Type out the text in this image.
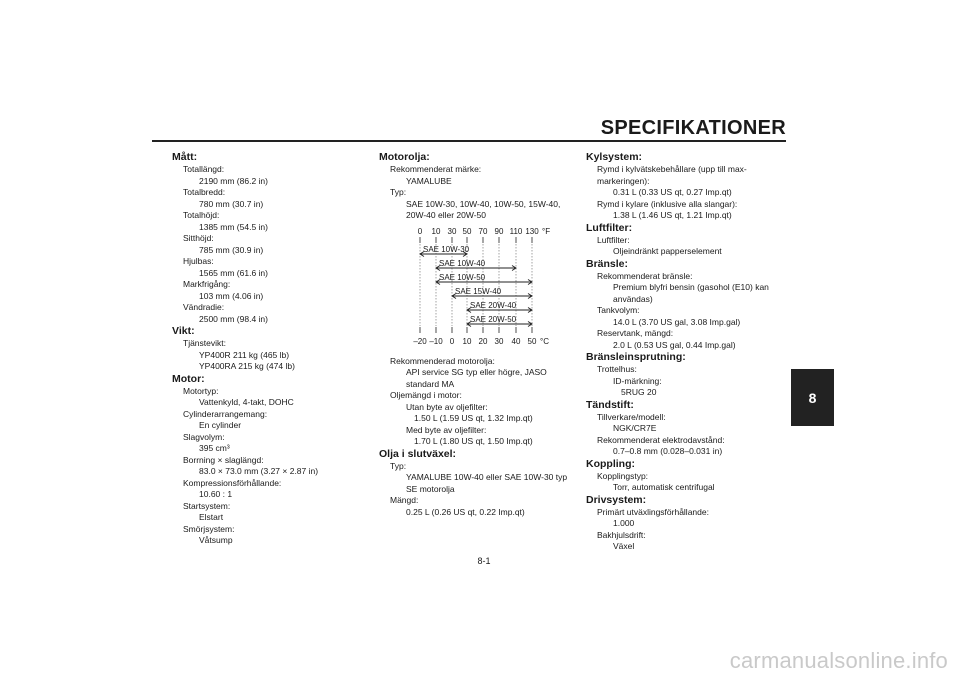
SPECIFIKATIONER
8
Mått:
Totallängd:
2190 mm (86.2 in)
Totalbredd:
780 mm (30.7 in)
Totalhöjd:
1385 mm (54.5 in)
Sitthöjd:
785 mm (30.9 in)
Hjulbas:
1565 mm (61.6 in)
Markfrigång:
103 mm (4.06 in)
Vändradie:
2500 mm (98.4 in)
Vikt:
Tjänstevikt:
YP400R 211 kg (465 lb)
YP400RA 215 kg (474 lb)
Motor:
Motortyp:
Vattenkyld, 4-takt, DOHC
Cylinderarrangemang:
En cylinder
Slagvolym:
395 cm³
Borrning × slaglängd:
83.0 × 73.0 mm (3.27 × 2.87 in)
Kompressionsförhållande:
10.60 : 1
Startsystem:
Elstart
Smörjsystem:
Våtsump
Motorolja:
Rekommenderat märke:
YAMALUBE
Typ:
SAE 10W-30, 10W-40, 10W-50, 15W-40,
20W-40 eller 20W-50
0 10 30 50 70 90 110 130 °F
–20 –10 0 10 20 30 40 50 °C
SAE 10W-30
SAE 10W-40
SAE 10W-50
SAE 15W-40
SAE 20W-40
SAE 20W-50
Rekommenderad motorolja:
API service SG typ eller högre, JASO
standard MA
Oljemängd i motor:
Utan byte av oljefilter:
1.50 L (1.59 US qt, 1.32 Imp.qt)
Med byte av oljefilter:
1.70 L (1.80 US qt, 1.50 Imp.qt)
Olja i slutväxel:
Typ:
YAMALUBE 10W-40 eller SAE 10W-30 typ
SE motorolja
Mängd:
0.25 L (0.26 US qt, 0.22 Imp.qt)
Kylsystem:
Rymd i kylvätskebehållare (upp till max-
markeringen):
0.31 L (0.33 US qt, 0.27 Imp.qt)
Rymd i kylare (inklusive alla slangar):
1.38 L (1.46 US qt, 1.21 Imp.qt)
Luftfilter:
Luftfilter:
Oljeindränkt papperselement
Bränsle:
Rekommenderat bränsle:
Premium blyfri bensin (gasohol (E10) kan
användas)
Tankvolym:
14.0 L (3.70 US gal, 3.08 Imp.gal)
Reservtank, mängd:
2.0 L (0.53 US gal, 0.44 Imp.gal)
Bränsleinsprutning:
Trottelhus:
ID-märkning:
5RUG 20
Tändstift:
Tillverkare/modell:
NGK/CR7E
Rekommenderat elektrodavstånd:
0.7–0.8 mm (0.028–0.031 in)
Koppling:
Kopplingstyp:
Torr, automatisk centrifugal
Drivsystem:
Primärt utväxlingsförhållande:
1.000
Bakhjulsdrift:
Växel
8-1
carmanualsonline.info
